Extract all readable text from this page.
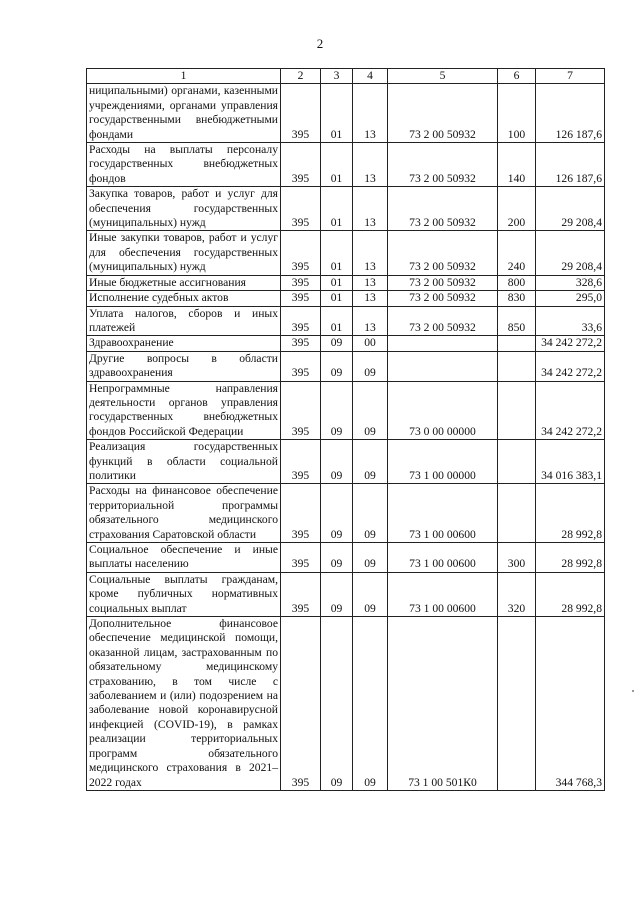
2
1	2	3	4	5	6	7
ниципальными) органами, казенными учреждениями, органами управления государственными внебюджетными фондами	395	01	13	73 2 00 50932	100	126 187,6
Расходы на выплаты персоналу государственных внебюджетных фондов	395	01	13	73 2 00 50932	140	126 187,6
Закупка товаров, работ и услуг для обеспечения государственных (муниципальных) нужд	395	01	13	73 2 00 50932	200	29 208,4
Иные закупки товаров, работ и услуг для обеспечения государственных (муниципальных) нужд	395	01	13	73 2 00 50932	240	29 208,4
Иные бюджетные ассигнования	395	01	13	73 2 00 50932	800	328,6
Исполнение судебных актов	395	01	13	73 2 00 50932	830	295,0
Уплата налогов, сборов и иных платежей	395	01	13	73 2 00 50932	850	33,6
Здравоохранение	395	09	00			34 242 272,2
Другие вопросы в области здравоохранения	395	09	09			34 242 272,2
Непрограммные направления деятельности органов управления государственных внебюджетных фондов Российской Федерации	395	09	09	73 0 00 00000		34 242 272,2
Реализация государственных функций в области социальной политики	395	09	09	73 1 00 00000		34 016 383,1
Расходы на финансовое обеспечение территориальной программы обязательного медицинского страхования Саратовской области	395	09	09	73 1 00 00600		28 992,8
Социальное обеспечение и иные выплаты населению	395	09	09	73 1 00 00600	300	28 992,8
Социальные выплаты гражданам, кроме публичных нормативных социальных выплат	395	09	09	73 1 00 00600	320	28 992,8
Дополнительное финансовое обеспечение медицинской помощи, оказанной лицам, застрахованным по обязательному медицинскому страхованию, в том числе с заболеванием и (или) подозрением на заболевание новой коронавирусной инфекцией (COVID-19), в рамках реализации территориальных программ обязательного медицинского страхования в 2021–2022 годах	395	09	09	73 1 00 501К0		344 768,3
